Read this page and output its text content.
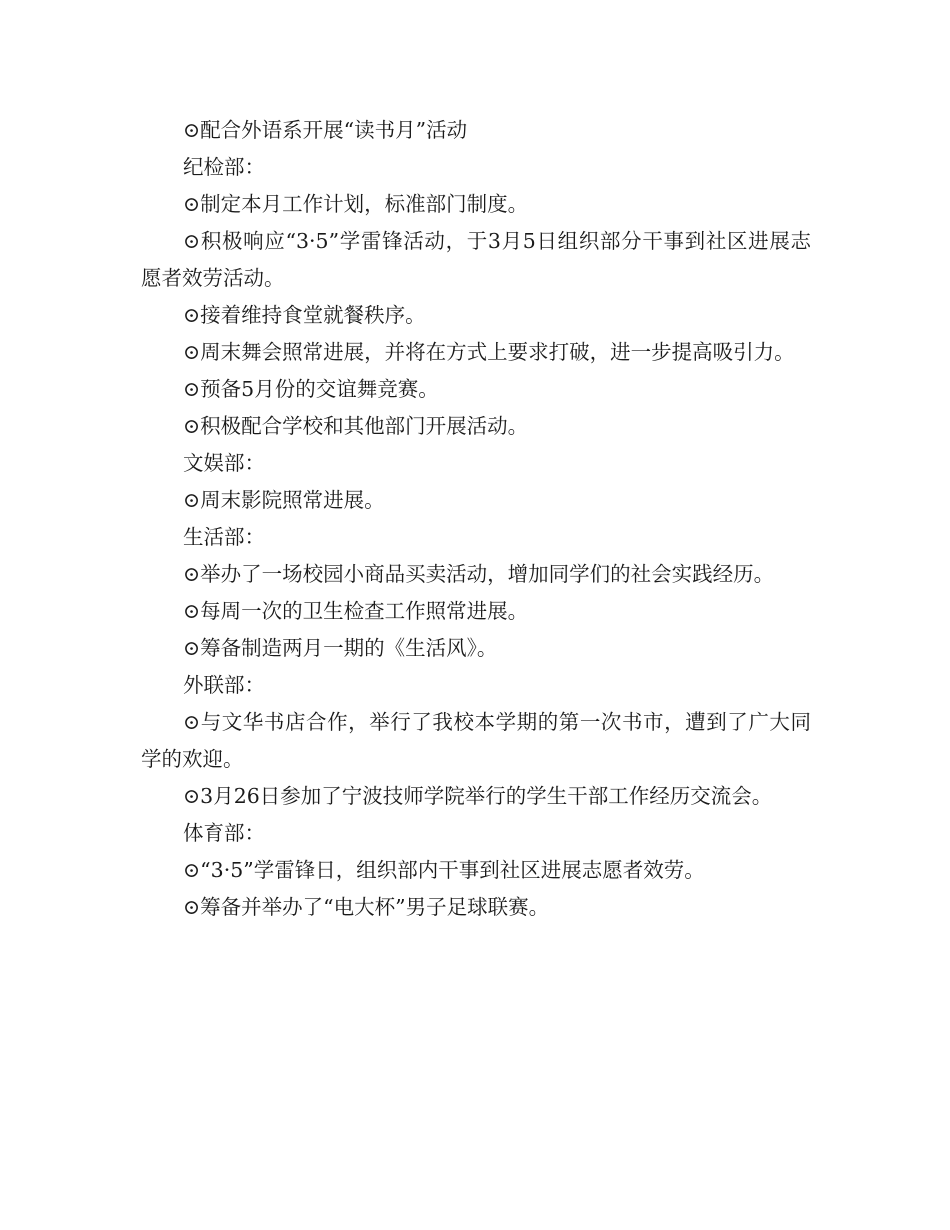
⊙配合外语系开展“读书月”活动

纪检部：

⊙制定本月工作计划，标准部门制度。

⊙积极响应“3·5”学雷锋活动，于3月5日组织部分干事到社区进展志愿者效劳活动。

⊙接着维持食堂就餐秩序。

⊙周末舞会照常进展，并将在方式上要求打破，进一步提高吸引力。

⊙预备5月份的交谊舞竞赛。

⊙积极配合学校和其他部门开展活动。

文娱部：

⊙周末影院照常进展。

生活部：

⊙举办了一场校园小商品买卖活动，增加同学们的社会实践经历。

⊙每周一次的卫生检查工作照常进展。

⊙筹备制造两月一期的《生活风》。

外联部：

⊙与文华书店合作，举行了我校本学期的第一次书市，遭到了广大同学的欢迎。

⊙3月26日参加了宁波技师学院举行的学生干部工作经历交流会。

体育部：

⊙“3·5”学雷锋日，组织部内干事到社区进展志愿者效劳。

⊙筹备并举办了“电大杯”男子足球联赛。
